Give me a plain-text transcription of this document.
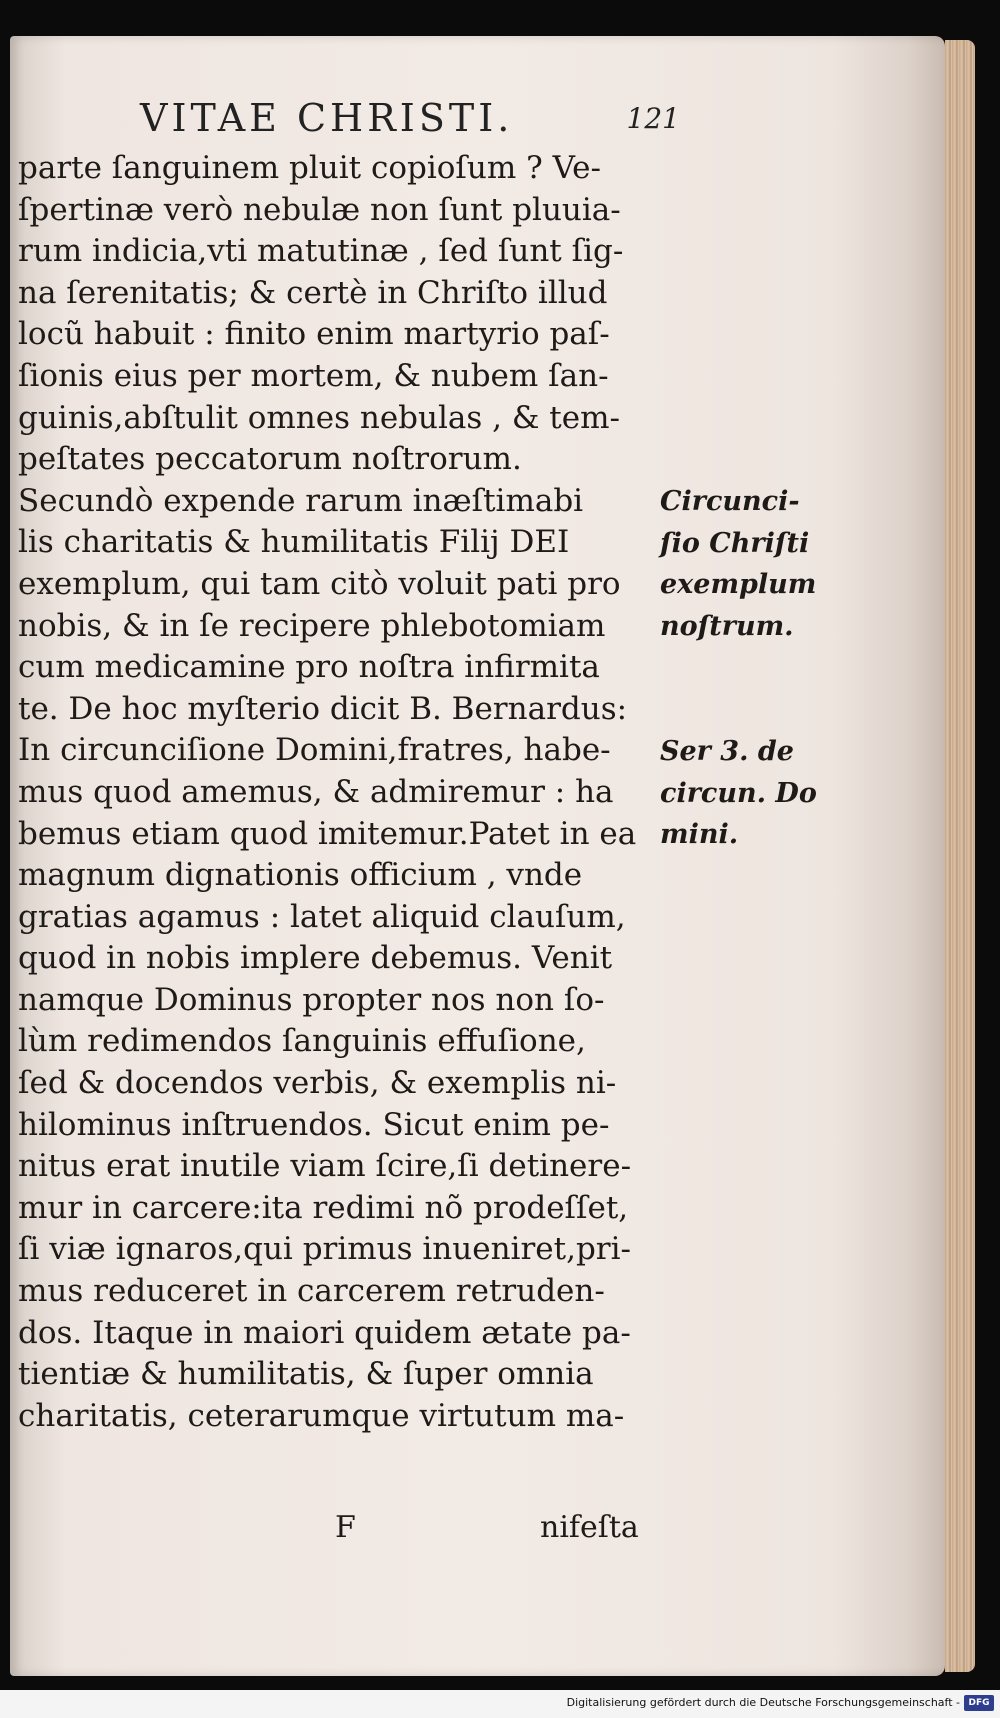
VITAE CHRISTI.	121
parte ſanguinem pluit copioſum ? Ve-
ſpertinæ verò nebulæ non ſunt pluuia-
rum indicia,vti matutinæ , ſed ſunt ſig-
na ſerenitatis; & certè in Chriſto illud
locũ habuit : finito enim martyrio paſ-
ſionis eius per mortem, & nubem ſan-
guinis,abſtulit omnes nebulas , & tem-
peſtates peccatorum noſtrorum.
Secundò expende rarum inæſtimabi
lis charitatis & humilitatis Filij DEI
exemplum, qui tam citò voluit pati pro
nobis, & in ſe recipere phlebotomiam
cum medicamine pro noſtra infirmita
te. De hoc myſterio dicit B. Bernardus:
In circunciſione Domini,fratres, habe-
mus quod amemus, & admiremur : ha
bemus etiam quod imitemur.Patet in ea
magnum dignationis officium , vnde
gratias agamus : latet aliquid clauſum,
quod in nobis implere debemus. Venit
namque Dominus propter nos non ſo-
lùm redimendos ſanguinis effuſione,
ſed & docendos verbis, & exemplis ni-
hilominus inſtruendos. Sicut enim pe-
nitus erat inutile viam ſcire,ſi detinere-
mur in carcere:ita redimi nõ prodeſſet,
ſi viæ ignaros,qui primus inueniret,pri-
mus reduceret in carcerem retruden-
dos. Itaque in maiori quidem ætate pa-
tientiæ & humilitatis, & ſuper omnia
charitatis, ceterarumque virtutum ma-
Circunci-
ſio Chriſti
exemplum
noſtrum.
Ser 3. de
circun. Do
mini.
F	nifeſta
Digitalisierung gefördert durch die Deutsche Forschungsgemeinschaft - DFG
